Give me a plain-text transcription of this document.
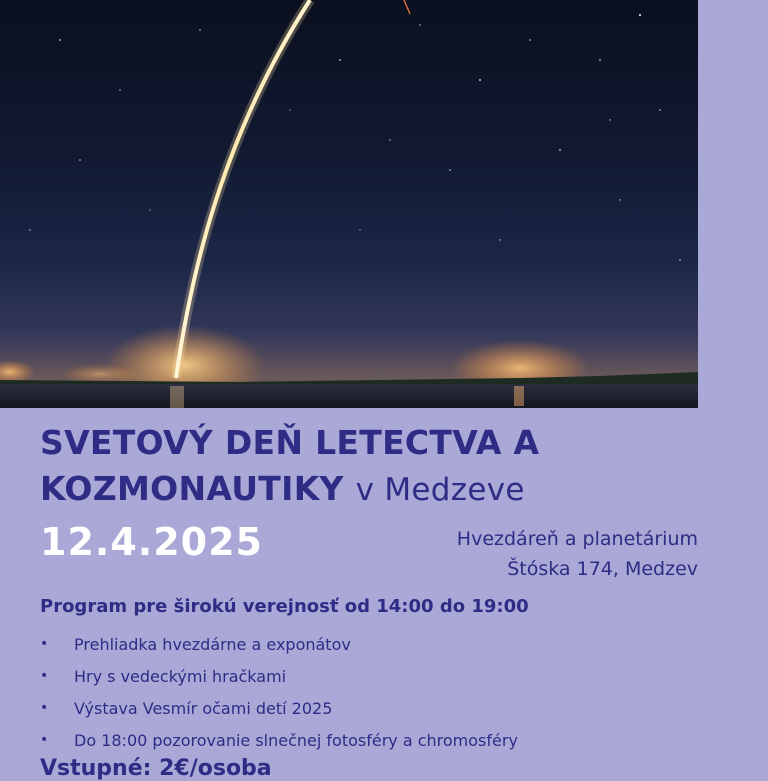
SVETOVÝ DEŇ LETECTVA A
KOZMONAUTIKY v Medzeve
12.4.2025	Hvezdáreň a planetárium
Štóska 174, Medzev
Program pre širokú verejnosť od 14:00 do 19:00
•	Prehliadka hvezdárne a exponátov
•	Hry s vedeckými hračkami
•	Výstava Vesmír očami detí 2025
•	Do 18:00 pozorovanie slnečnej fotosféry a chromosféry
Vstupné: 2€/osoba
